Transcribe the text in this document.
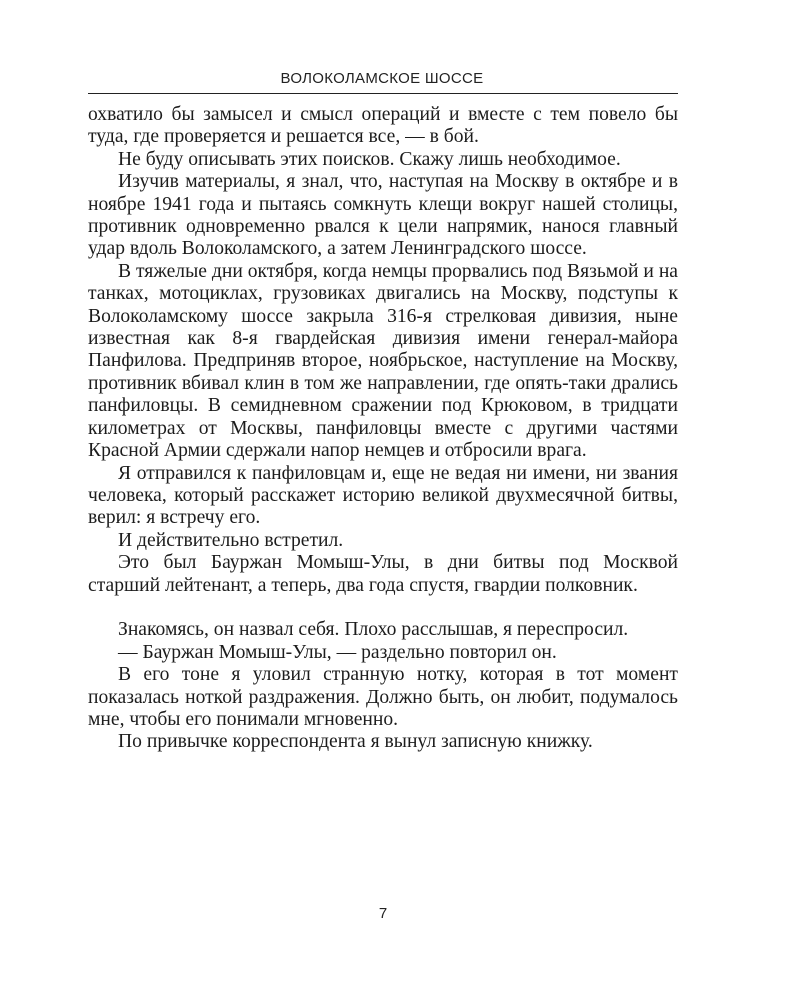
ВОЛОКОЛАМСКОЕ ШОССЕ

охватило бы замысел и смысл операций и вместе с тем повело бы туда, где проверяется и решается все, — в бой.

Не буду описывать этих поисков. Скажу лишь необходимое.

Изучив материалы, я знал, что, наступая на Москву в октябре и в ноябре 1941 года и пытаясь сомкнуть клещи вокруг нашей столицы, противник одновременно рвался к цели напрямик, нанося главный удар вдоль Волоколамского, а затем Ленинградского шоссе.

В тяжелые дни октября, когда немцы прорвались под Вязьмой и на танках, мотоциклах, грузовиках двигались на Москву, подступы к Волоколамскому шоссе закрыла 316-я стрелковая дивизия, ныне известная как 8-я гвардейская дивизия имени генерал-майора Панфилова. Предприняв второе, ноябрьское, наступление на Москву, противник вбивал клин в том же направлении, где опять-таки дрались панфиловцы. В семидневном сражении под Крюковом, в тридцати километрах от Москвы, панфиловцы вместе с другими частями Красной Армии сдержали напор немцев и отбросили врага.

Я отправился к панфиловцам и, еще не ведая ни имени, ни звания человека, который расскажет историю великой двухмесячной битвы, верил: я встречу его.

И действительно встретил.

Это был Бауржан Момыш-Улы, в дни битвы под Москвой старший лейтенант, а теперь, два года спустя, гвардии полковник.

Знакомясь, он назвал себя. Плохо расслышав, я переспросил.

— Бауржан Момыш-Улы, — раздельно повторил он.

В его тоне я уловил странную нотку, которая в тот момент показалась ноткой раздражения. Должно быть, он любит, подумалось мне, чтобы его понимали мгновенно.

По привычке корреспондента я вынул записную книжку.

7
